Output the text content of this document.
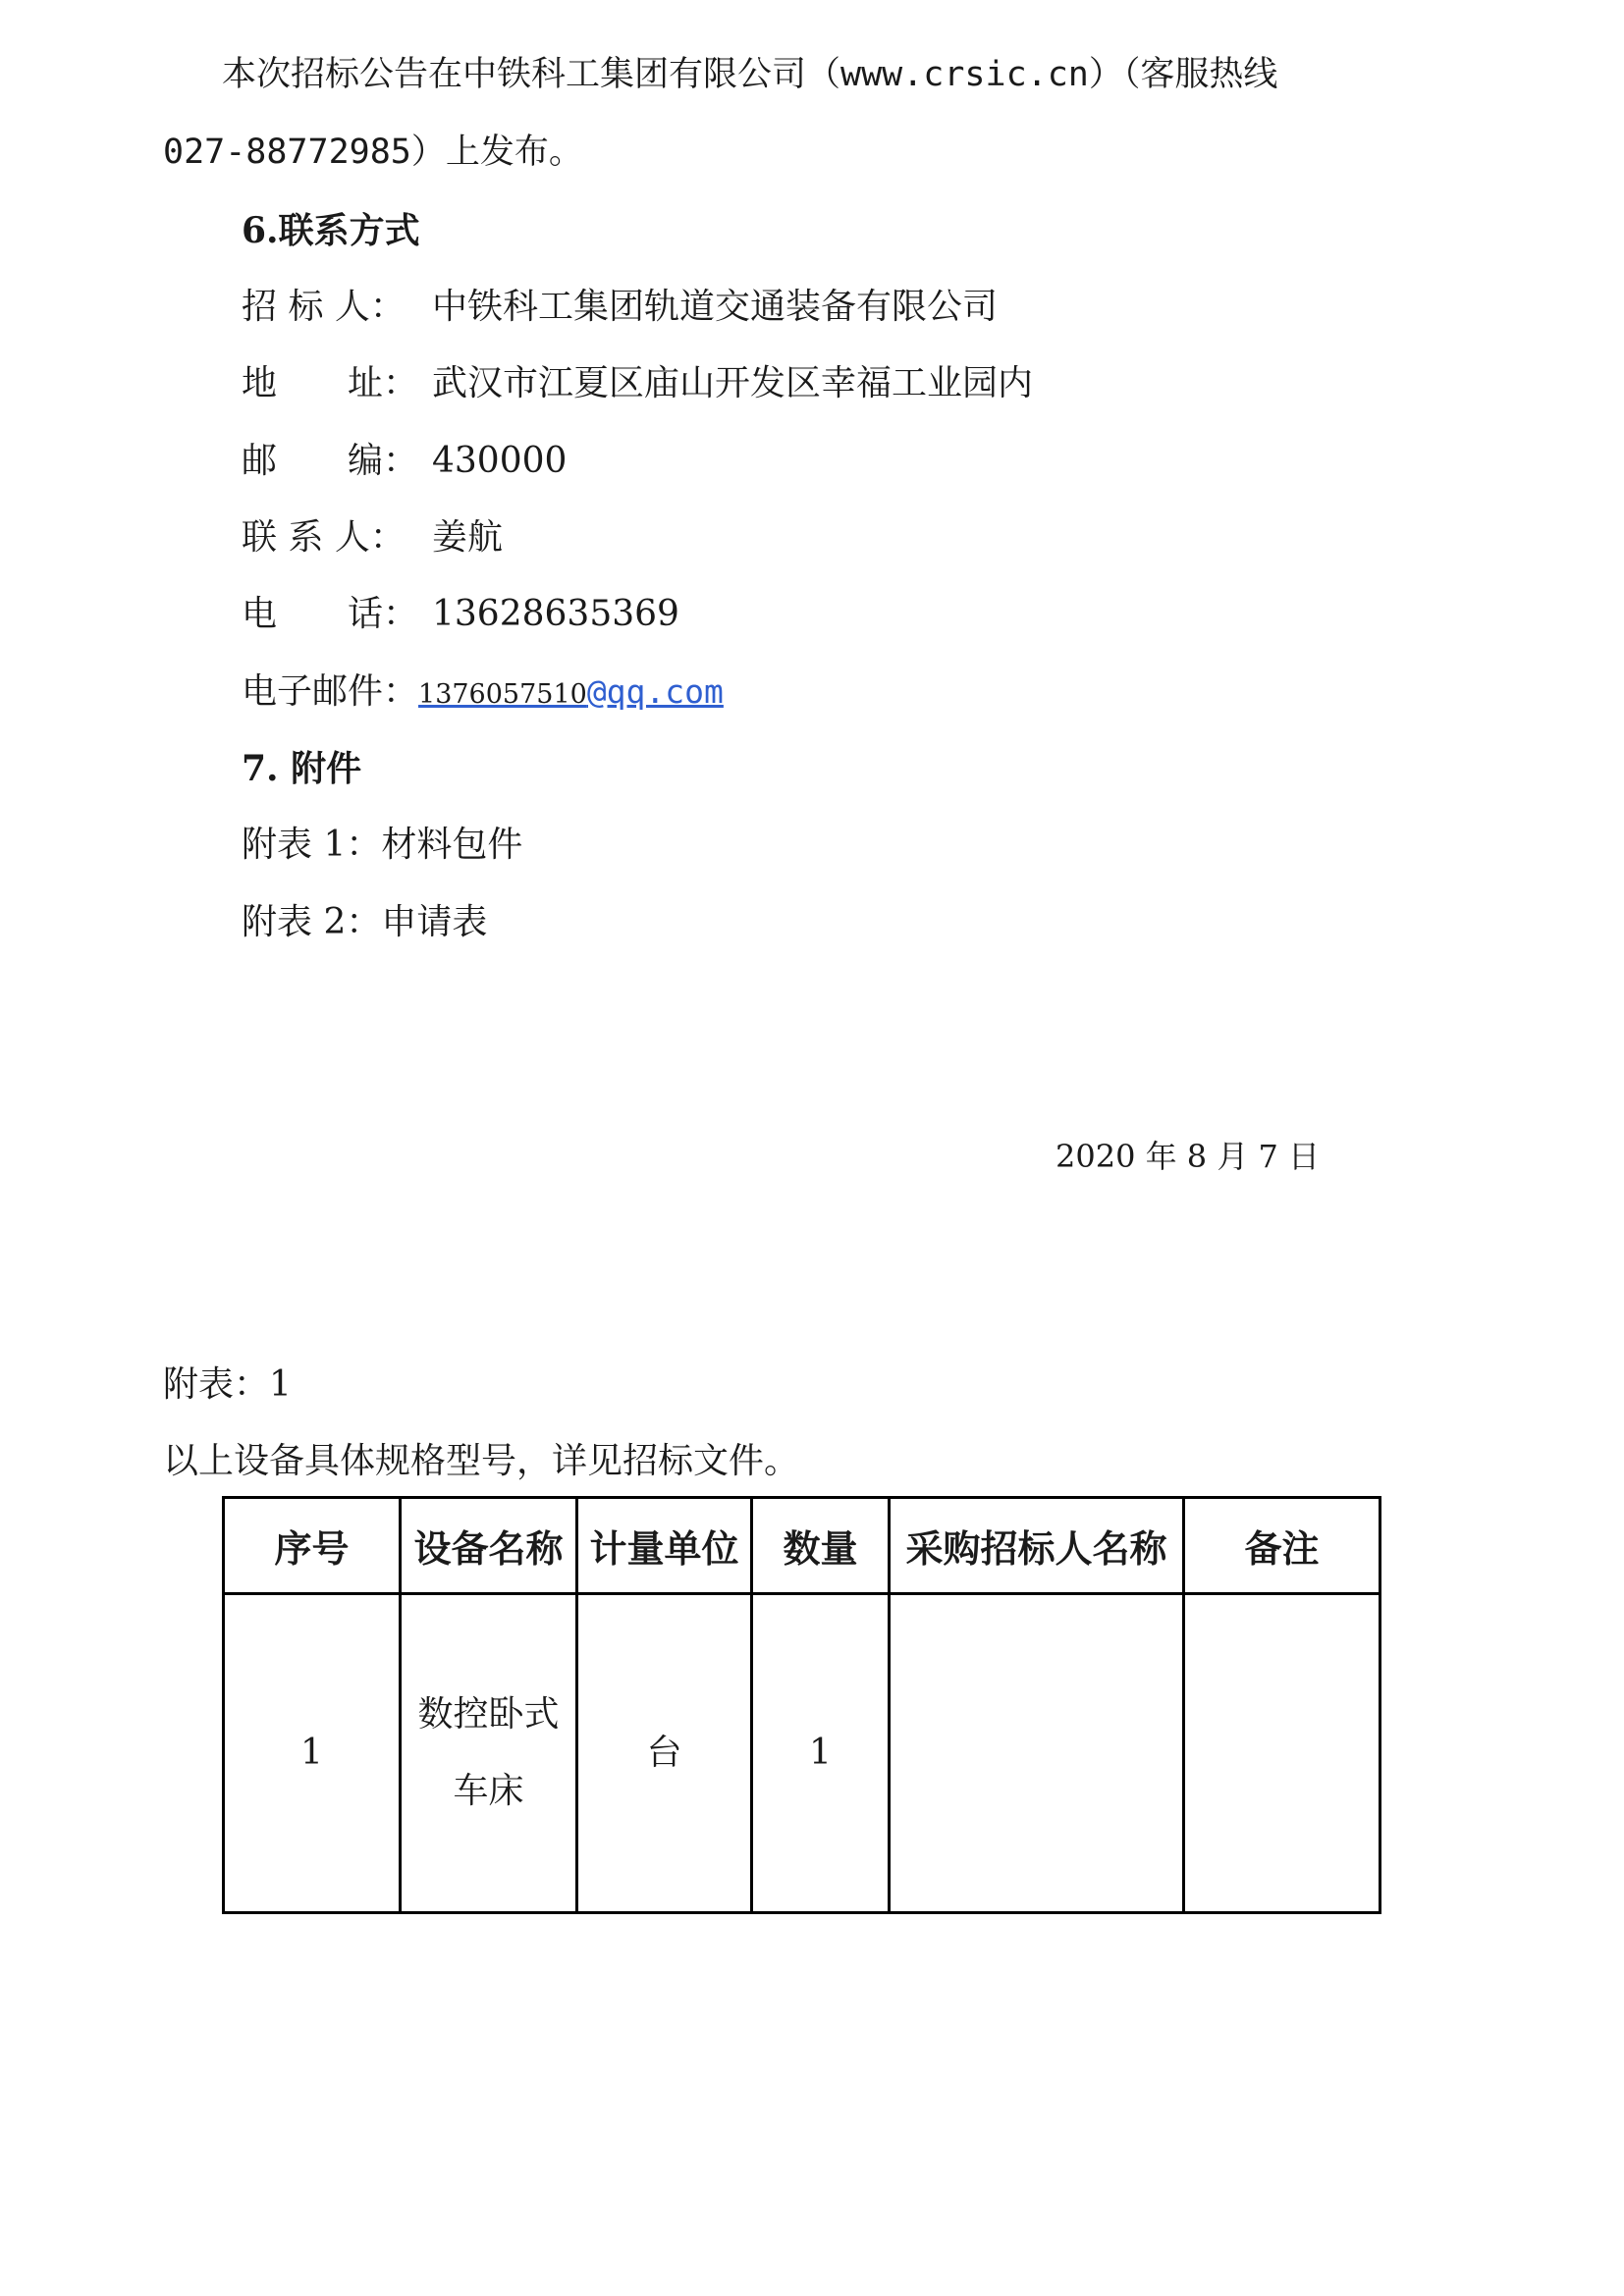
本次招标公告在中铁科工集团有限公司（www.crsic.cn）（客服热线
027-88772985）上发布。
6.联系方式
招 标 人： 中铁科工集团轨道交通装备有限公司
地　　址： 武汉市江夏区庙山开发区幸福工业园内
邮　　编： 430000
联 系 人： 姜航
电　　话： 13628635369
电子邮件：1376057510@qq.com
7. 附件
附表 1：材料包件
附表 2：申请表
2020 年 8 月 7 日
附表：1
以上设备具体规格型号，详见招标文件。
序号	设备名称	计量单位	数量	采购招标人名称	备注
1	数控卧式车床	台	1		
